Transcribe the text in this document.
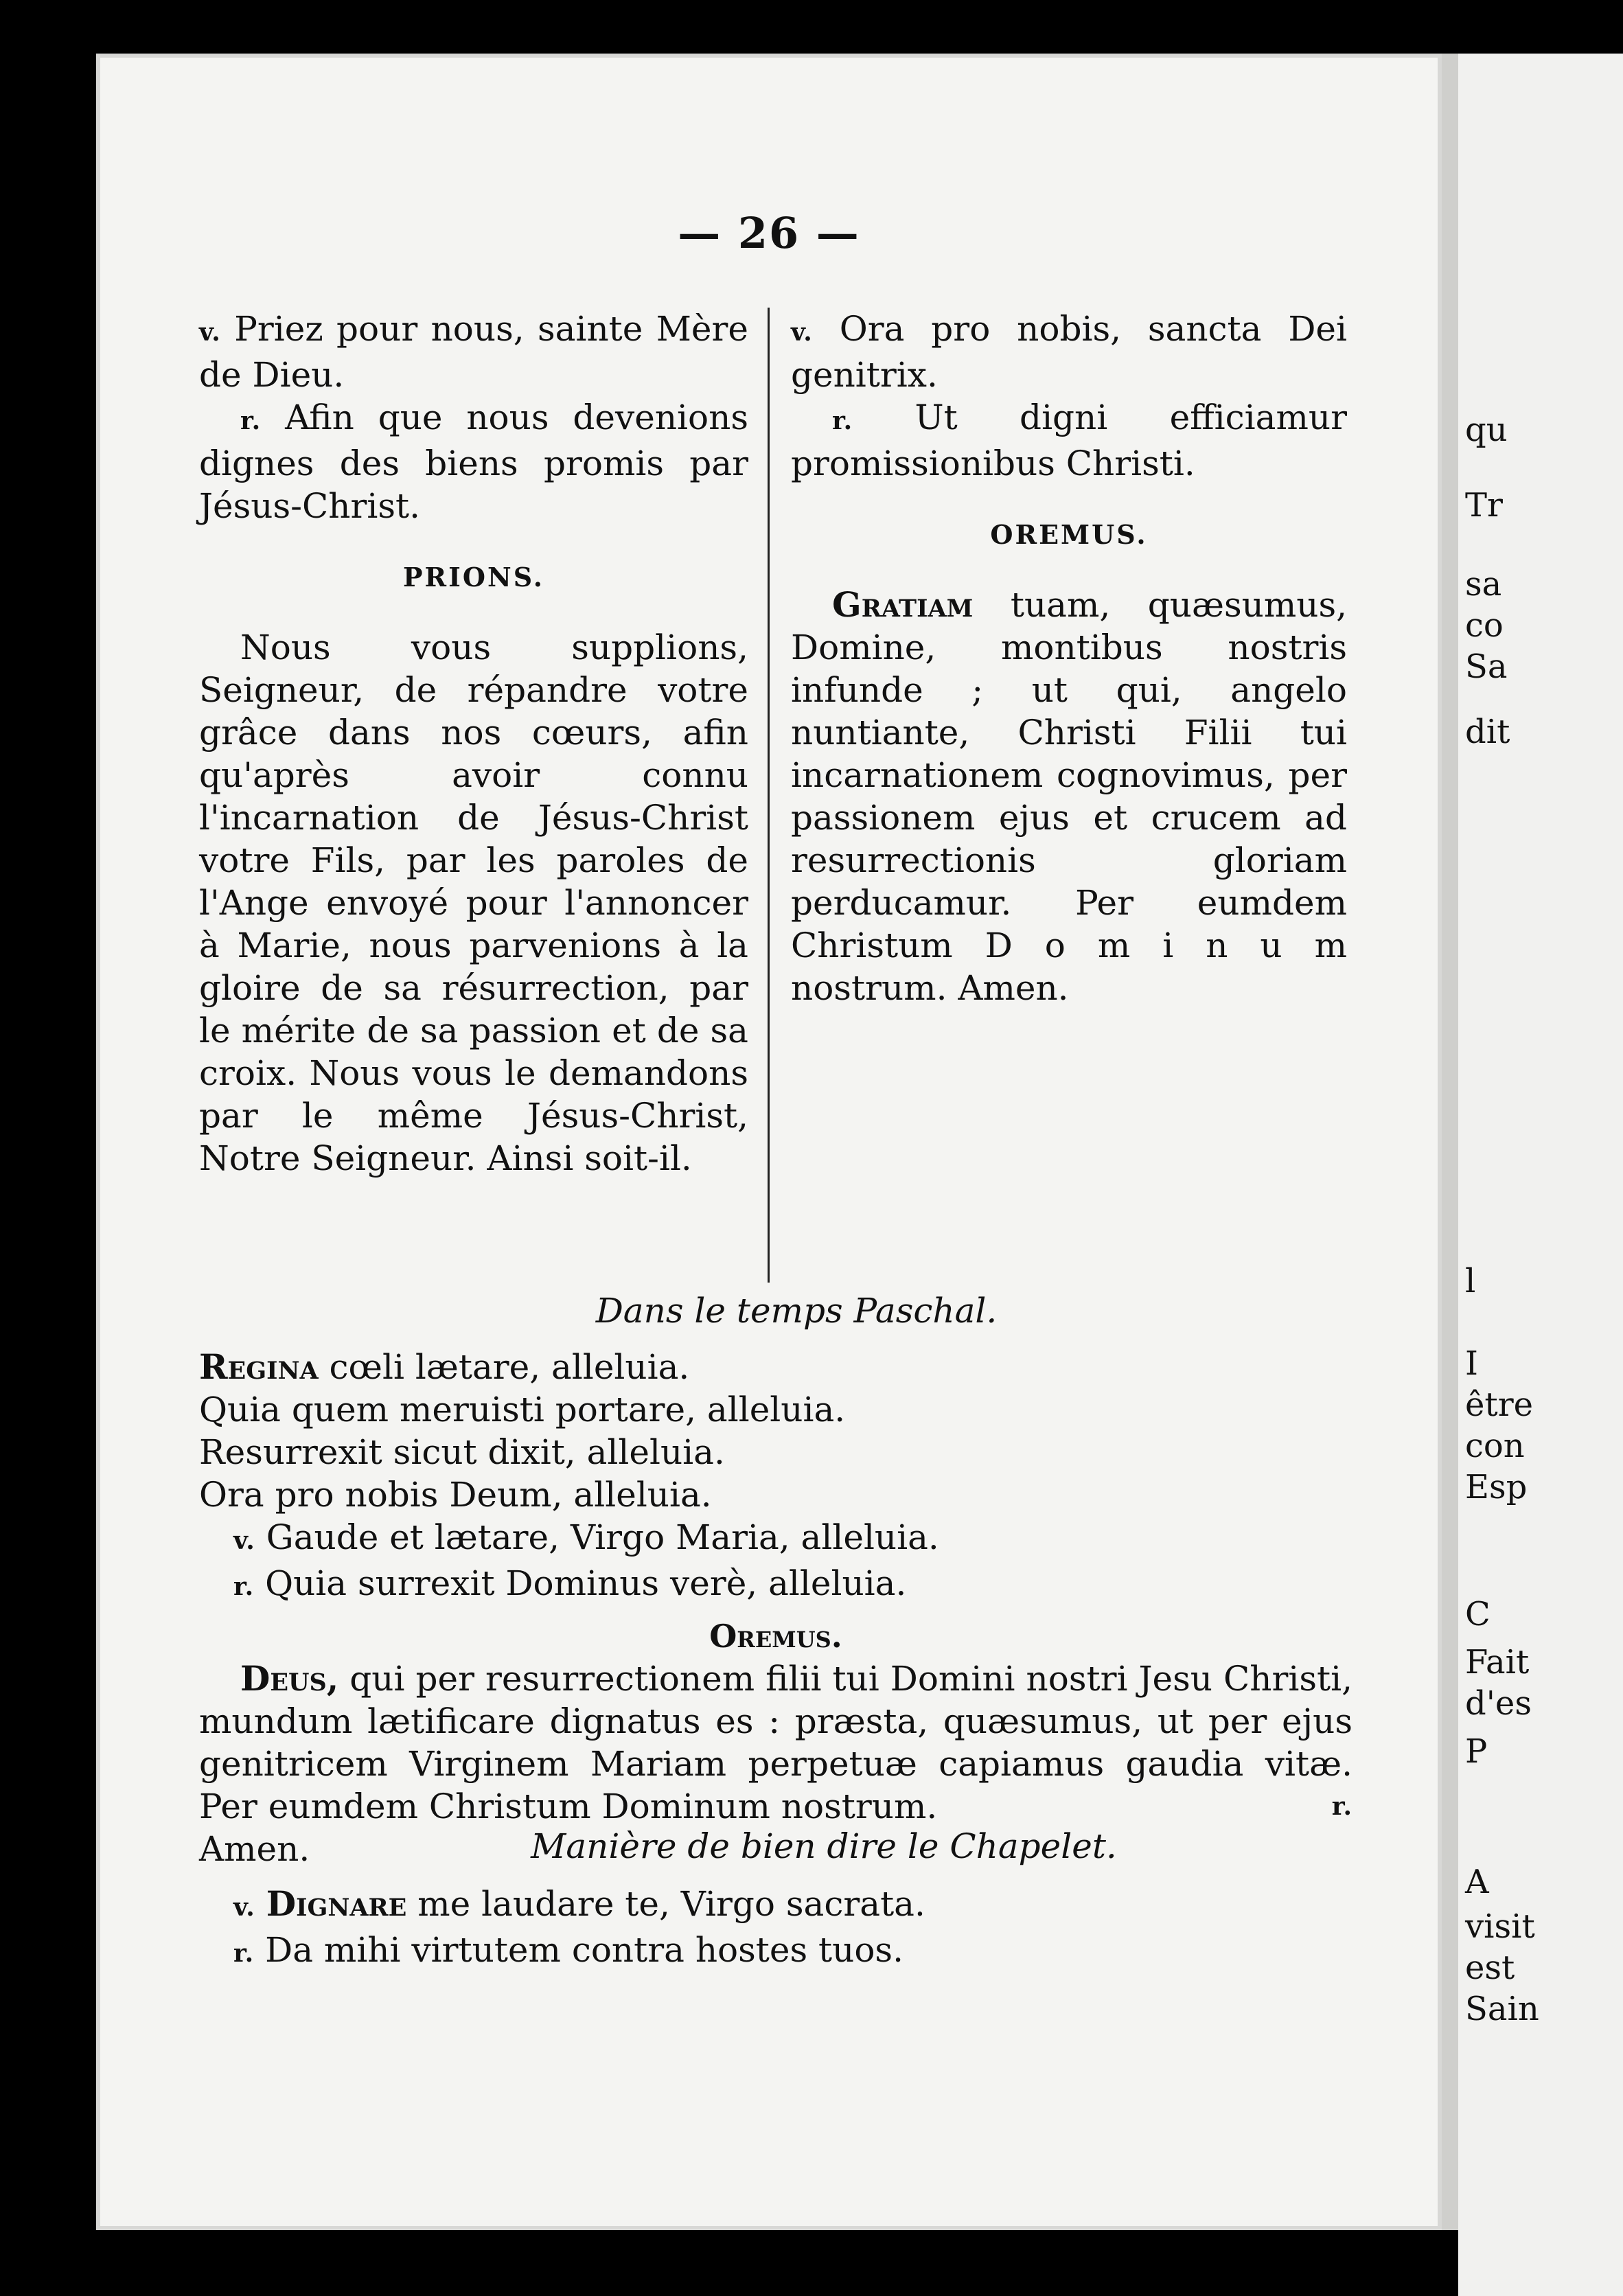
— 26 —

v. Priez pour nous, sainte Mère de Dieu.

r. Afin que nous devenions dignes des biens promis par Jésus-Christ.

PRIONS.

Nous vous supplions, Seigneur, de répandre votre grâce dans nos cœurs, afin qu'après avoir connu l'incarnation de Jésus-Christ votre Fils, par les paroles de l'Ange envoyé pour l'annoncer à Marie, nous parvenions à la gloire de sa résurrection, par le mérite de sa passion et de sa croix. Nous vous le demandons par le même Jésus-Christ, Notre Seigneur. Ainsi soit-il.

v. Ora pro nobis, sancta Dei genitrix.

r. Ut digni efficiamur promissionibus Christi.

OREMUS.

Gratiam tuam, quæsumus, Domine, montibus nostris infunde ; ut qui, angelo nuntiante, Christi Filii tui incarnationem cognovimus, per passionem ejus et crucem ad resurrectionis gloriam perducamur. Per eumdem Christum D o m i n u m nostrum. Amen.

Dans le temps Paschal.

Regina cœli lætare, alleluia.

Quia quem meruisti portare, alleluia.

Resurrexit sicut dixit, alleluia.

Ora pro nobis Deum, alleluia.

v. Gaude et lætare, Virgo Maria, alleluia.

r. Quia surrexit Dominus verè, alleluia.

Oremus.

Deus, qui per resurrectionem filii tui Domini nostri Jesu Christi, mundum lætificare dignatus es : præsta, quæsumus, ut per ejus genitricem Virginem Mariam perpetuæ capiamus gaudia vitæ. Per eumdem Christum Dominum nostrum.	r.

Amen.	Manière de bien dire le Chapelet.

v. Dignare me laudare te, Virgo sacrata.

r. Da mihi virtutem contra hostes tuos.

qu
Tr
sa
co
Sa
dit
l
I
être
con
Esp
C
Fait
d'es
P
A
visit
est
Sain
